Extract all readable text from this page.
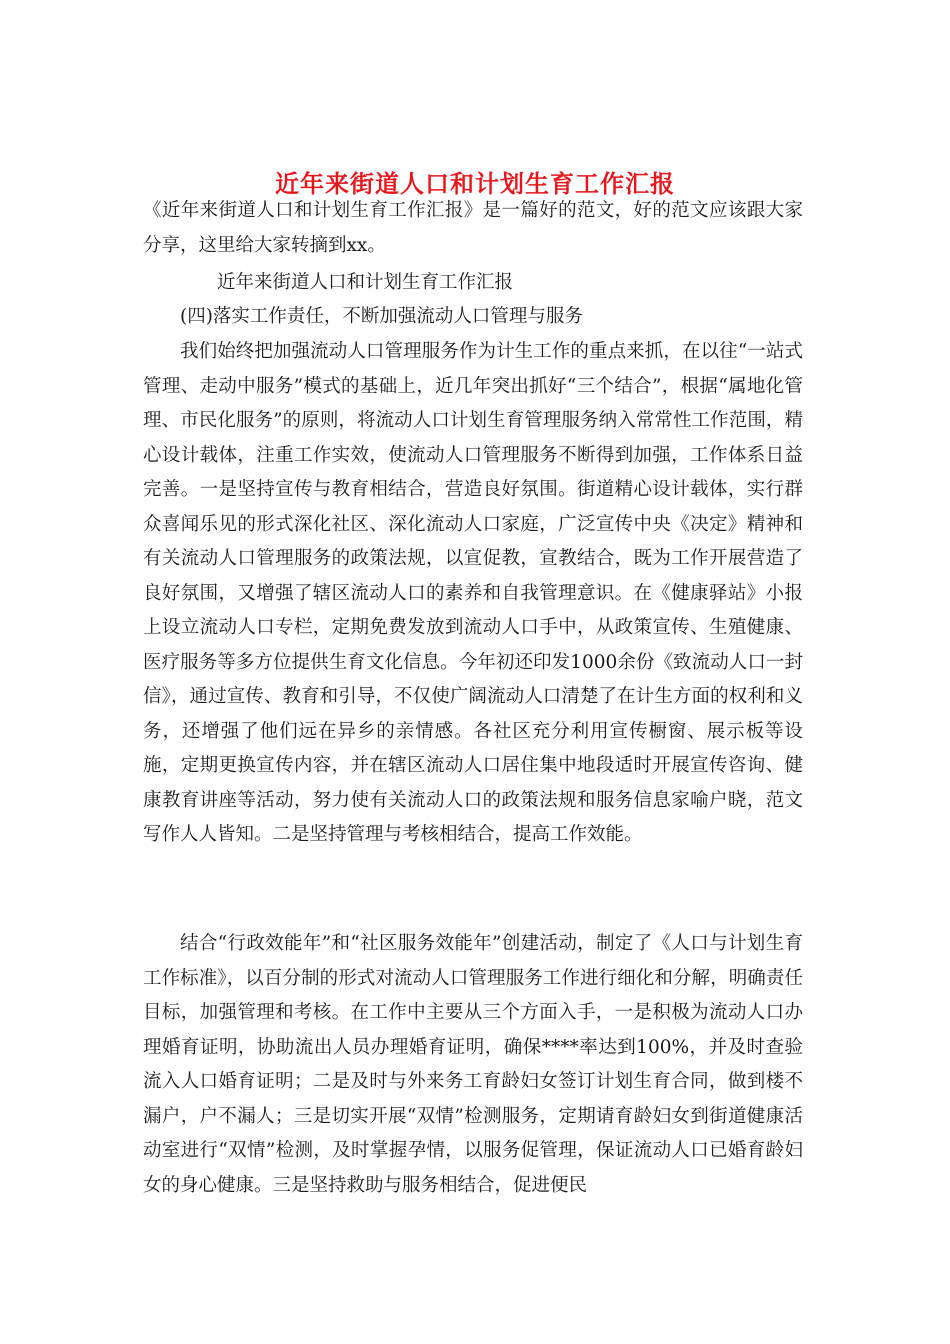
近年来街道人口和计划生育工作汇报

《近年来街道人口和计划生育工作汇报》是一篇好的范文，好的范文应该跟大家分享，这里给大家转摘到xx。

近年来街道人口和计划生育工作汇报

(四)落实工作责任，不断加强流动人口管理与服务

我们始终把加强流动人口管理服务作为计生工作的重点来抓，在以往“一站式管理、走动中服务”模式的基础上，近几年突出抓好“三个结合”，根据“属地化管理、市民化服务”的原则，将流动人口计划生育管理服务纳入常常性工作范围，精心设计载体，注重工作实效，使流动人口管理服务不断得到加强，工作体系日益完善。一是坚持宣传与教育相结合，营造良好氛围。街道精心设计载体，实行群众喜闻乐见的形式深化社区、深化流动人口家庭，广泛宣传中央《决定》精神和有关流动人口管理服务的政策法规，以宣促教，宣教结合，既为工作开展营造了良好氛围，又增强了辖区流动人口的素养和自我管理意识。在《健康驿站》小报上设立流动人口专栏，定期免费发放到流动人口手中，从政策宣传、生殖健康、医疗服务等多方位提供生育文化信息。今年初还印发1000余份《致流动人口一封信》，通过宣传、教育和引导，不仅使广阔流动人口清楚了在计生方面的权利和义务，还增强了他们远在异乡的亲情感。各社区充分利用宣传橱窗、展示板等设施，定期更换宣传内容，并在辖区流动人口居住集中地段适时开展宣传咨询、健康教育讲座等活动，努力使有关流动人口的政策法规和服务信息家喻户晓，范文写作人人皆知。二是坚持管理与考核相结合，提高工作效能。

结合“行政效能年”和“社区服务效能年”创建活动，制定了《人口与计划生育工作标准》，以百分制的形式对流动人口管理服务工作进行细化和分解，明确责任目标，加强管理和考核。在工作中主要从三个方面入手，一是积极为流动人口办理婚育证明，协助流出人员办理婚育证明，确保****率达到100%，并及时查验流入人口婚育证明；二是及时与外来务工育龄妇女签订计划生育合同，做到楼不漏户，户不漏人；三是切实开展“双情”检测服务，定期请育龄妇女到街道健康活动室进行“双情”检测，及时掌握孕情，以服务促管理，保证流动人口已婚育龄妇女的身心健康。三是坚持救助与服务相结合，促进便民
